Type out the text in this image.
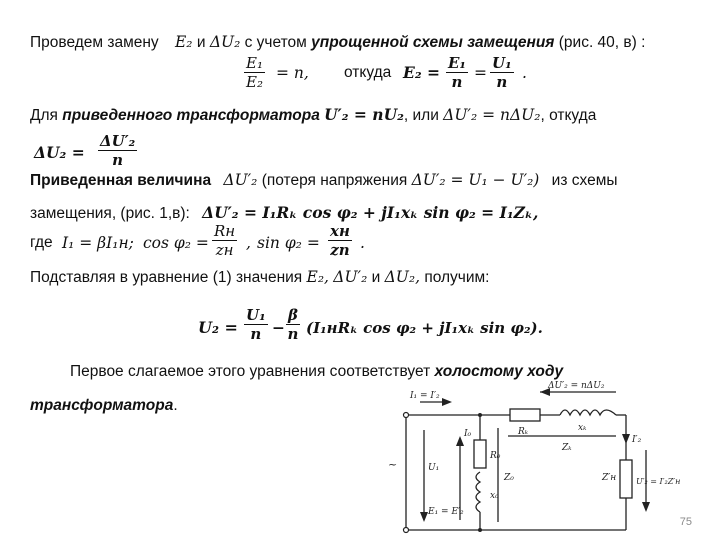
Проведем замену E₂ и ΔU₂ с учетом упрощенной схемы замещения (рис. 40, в) :
$\frac{\text{E₁}}{\text{E₂}} = n$, откуда $E_2 = \frac{\text{E₁}}{n} = \frac{\text{U₁}}{n}$ .
Для приведенного трансформатора U′₂ = nU₂, или ΔU′₂ = nΔU₂, откуда
$\Delta U_2 = \frac{\text{ΔU′₂}}{n}$
Приведенная величина ΔU′₂ (потеря напряжения ΔU′₂ = U₁ − U′₂) из схемы
замещения, (рис. 1,в): ΔU′₂ = I₁Rₖ cos φ₂ + jI₁xₖ sin φ₂ = I₁Zₖ,
где I₁ = βI₁н; cos φ₂ =
Rн
zн , sin φ₂ =
xн
zп .
Подставляя в уравнение (1) значения E₂, ΔU′₂ и ΔU₂, получим:
$U_2 = \frac{\text{U₁}}{n} - \frac{\beta}{n} (I_1нR_k$ cos φ₂ + jI₁xₖ sin φ₂).
Первое слагаемое этого уравнения соответствует холостому ходу
трансформатора.
I₁ = I′₂
ΔU′₂ = nΔU₂
I₀
R₀
x₀
Z₀
Rₖ	xₖ
Zₖ
I′₂
Z′н
U₁
E₁ = E′₂
U′₂ = I′₂Z′н
~
75
